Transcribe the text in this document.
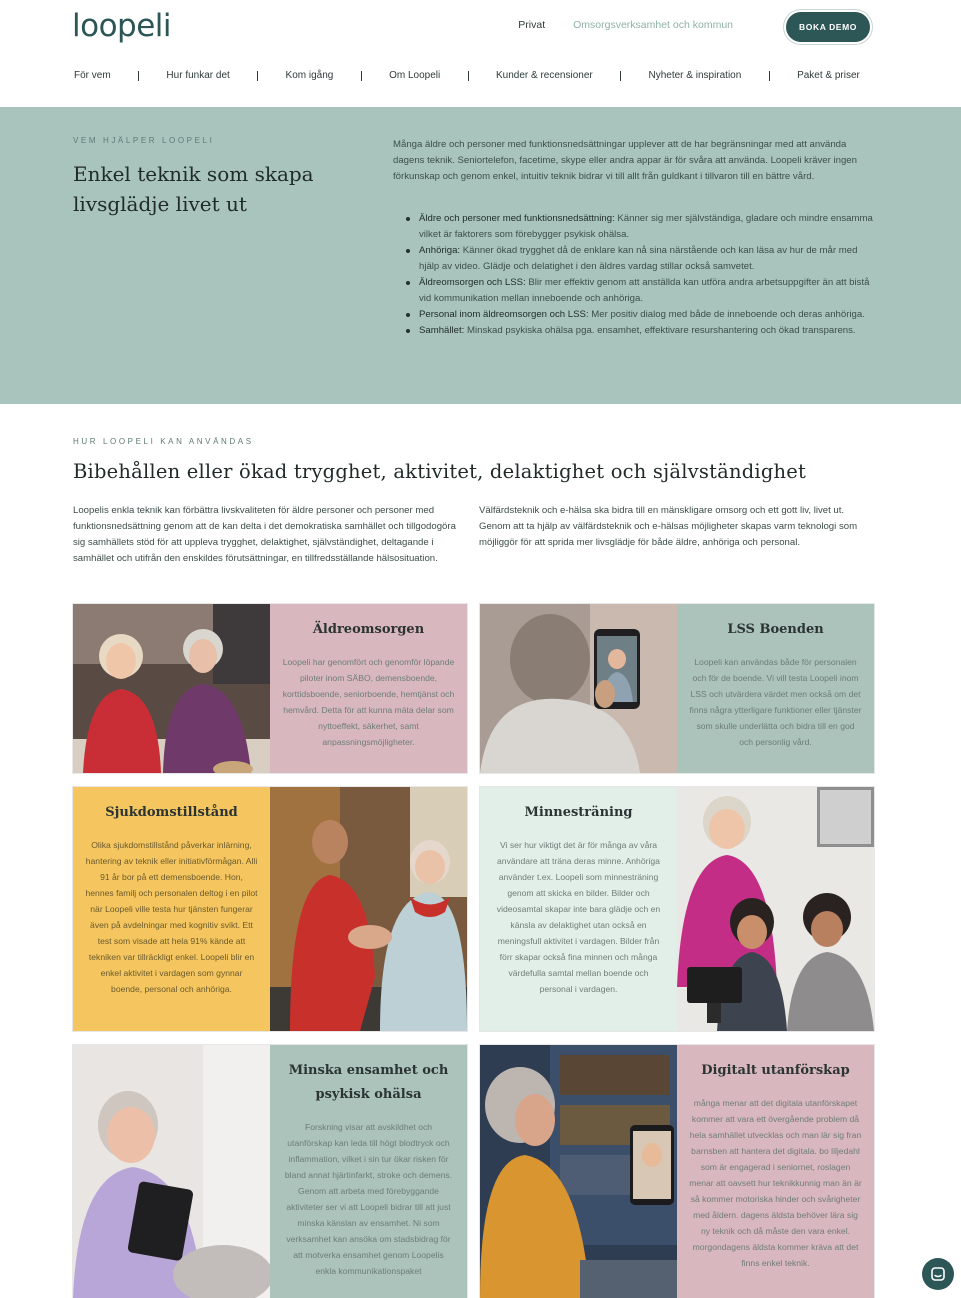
loopeli	Privat	Omsorgsverksamhet och kommun	BOKA DEMO
För vem	Hur funkar det	Kom igång	Om Loopeli	Kunder & recensioner	Nyheter & inspiration	Paket & priser
VEM HJÄLPER LOOPELI
Enkel teknik som skapa livsglädje livet ut

Många äldre och personer med funktionsnedsättningar upplever att de har begränsningar med att använda dagens teknik. Seniortelefon, facetime, skype eller andra appar är för svåra att använda. Loopeli kräver ingen förkunskap och genom enkel, intuitiv teknik bidrar vi till allt från guldkant i tillvaron till en bättre vård.

Äldre och personer med funktionsnedsättning: Känner sig mer självständiga, gladare och mindre ensamma vilket är faktorers som förebygger psykisk ohälsa.
Anhöriga: Känner ökad trygghet då de enklare kan nå sina närstående och kan läsa av hur de mår med hjälp av video. Glädje och delatighet i den äldres vardag stillar också samvetet.
Äldreomsorgen och LSS: Blir mer effektiv genom att anställda kan utföra andra arbetsuppgifter än att bistå vid kommunikation mellan inneboende och anhöriga.
Personal inom äldreomsorgen och LSS: Mer positiv dialog med både de inneboende och deras anhöriga.
Samhället: Minskad psykiska ohälsa pga. ensamhet, effektivare resurshantering och ökad transparens.
HUR LOOPELI KAN ANVÄNDAS
Bibehållen eller ökad trygghet, aktivitet, delaktighet och självständighet

Loopelis enkla teknik kan förbättra livskvaliteten för äldre personer och personer med funktionsnedsättning genom att de kan delta i det demokratiska samhället och tillgodogöra sig samhällets stöd för att uppleva trygghet, delaktighet, självständighet, deltagande i samhället och utifrån den enskildes förutsättningar, en tillfredsställande hälsosituation.

Välfärdsteknik och e-hälsa ska bidra till en mänskligare omsorg och ett gott liv, livet ut. Genom att ta hjälp av välfärdsteknik och e-hälsas möjligheter skapas varm teknologi som möjliggör för att sprida mer livsglädje för både äldre, anhöriga och personal.

Äldreomsorgen

Loopeli har genomfört och genomför löpande piloter inom SÄBO, demensboende, korttidsboende, seniorboende, hemtjänst och hemvård. Detta för att kunna mäta delar som nyttoeffekt, säkerhet, samt anpassningsmöjligheter.

LSS Boenden

Loopeli kan användas både för personalen och för de boende. Vi vill testa Loopeli inom LSS och utvärdera värdet men också om det finns några ytterligare funktioner eller tjänster som skulle underlätta och bidra till en god och personlig vård.

Sjukdomstillstånd

Olika sjukdomstillstånd påverkar inlärning, hantering av teknik eller initiativförmågan. Alli 91 år bor på ett demensboende. Hon, hennes familj och personalen deltog i en pilot när Loopeli ville testa hur tjänsten fungerar även på avdelningar med kognitiv svikt. Ett test som visade att hela 91% kände att tekniken var tillräckligt enkel. Loopeli blir en enkel aktivitet i vardagen som gynnar boende, personal och anhöriga.

Minnesträning

Vi ser hur viktigt det är för många av våra användare att träna deras minne. Anhöriga använder t.ex. Loopeli som minnesträning genom att skicka en bilder. Bilder och videosamtal skapar inte bara glädje och en känsla av delaktighet utan också en meningsfull aktivitet i vardagen. Bilder från förr skapar också fina minnen och många värdefulla samtal mellan boende och personal i vardagen.

Minska ensamhet och psykisk ohälsa

Forskning visar att avskildhet och utanförskap kan leda till högt blodtryck och inflammation, vilket i sin tur ökar risken för bland annat hjärtinfarkt, stroke och demens. Genom att arbeta med förebyggande aktiviteter ser vi att Loopeli bidrar till att just minska känslan av ensamhet. Ni som verksamhet kan ansöka om stadsbidrag för att motverka ensamhet genom Loopelis enkla kommunikationspaket

Digitalt utanförskap

många menar att det digitala utanförskapet kommer att vara ett övergående problem då hela samhället utvecklas och man lär sig fran barnsben att hantera det digitala. bo liljedahl som är engagerad i seniornet, roslagen menar att oavsett hur teknikkunnig man än är så kommer motoriska hinder och svårigheter med åldern. dagens äldsta behöver lära sig ny teknik och då måste den vara enkel. morgondagens äldsta kommer kräva att det finns enkel teknik.
